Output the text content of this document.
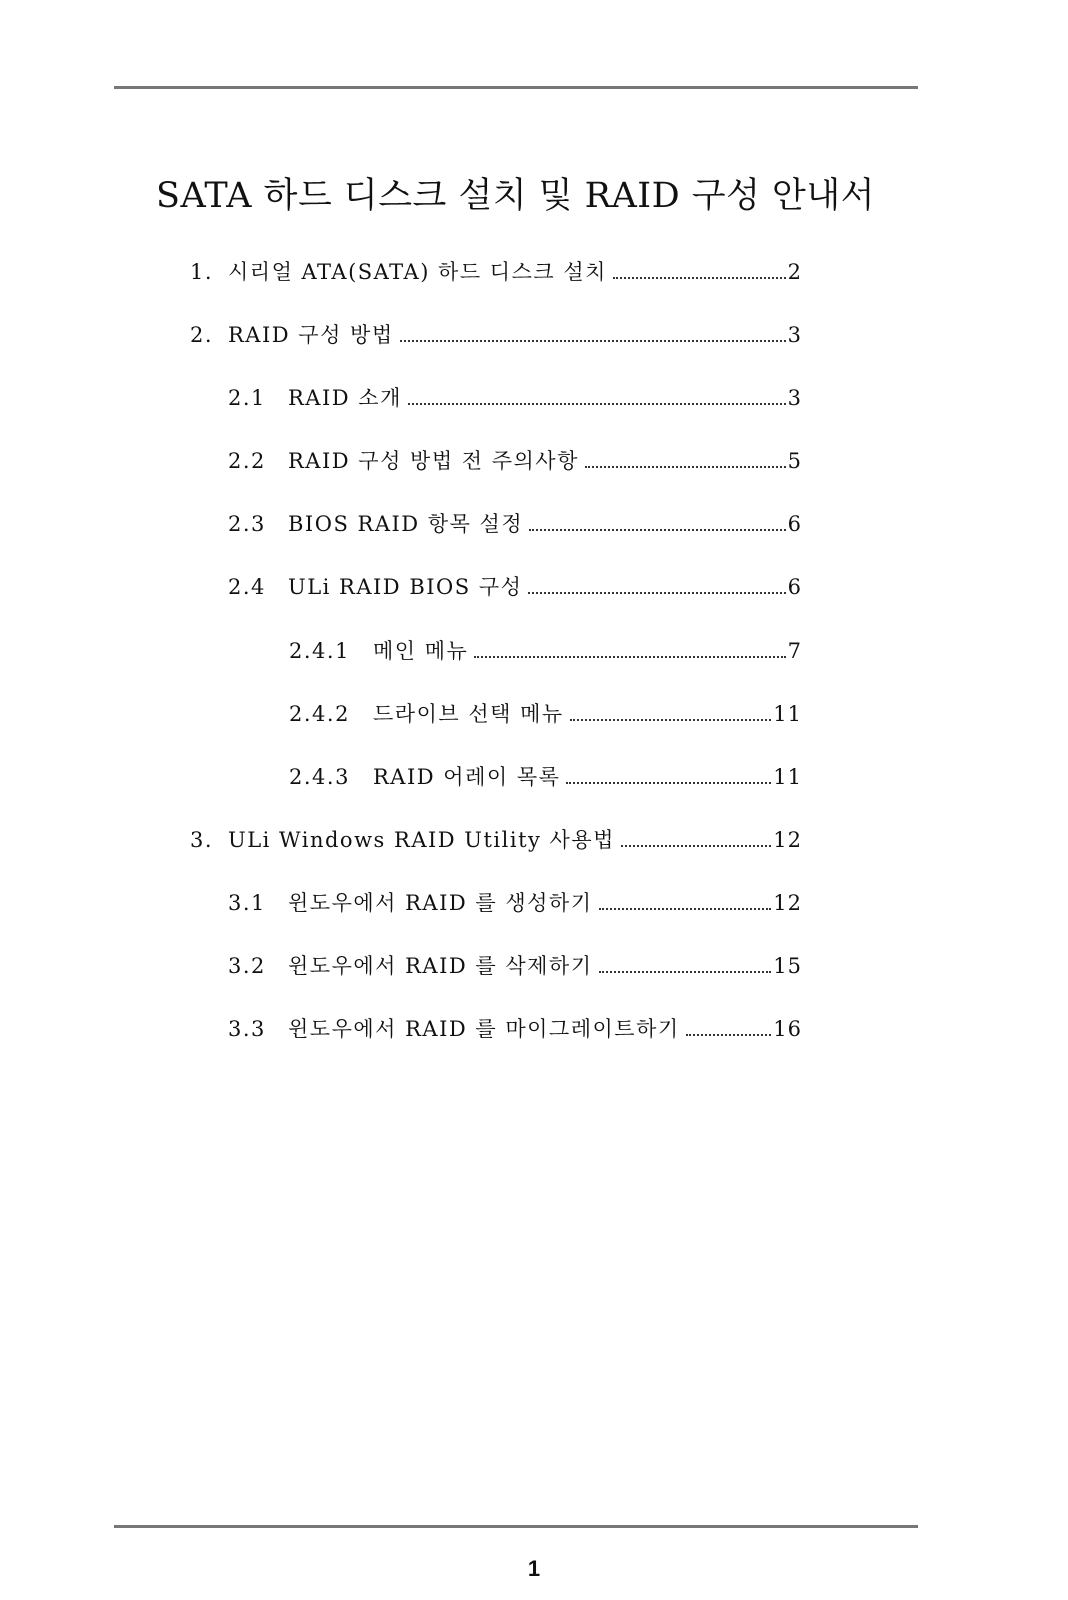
SATA 하드 디스크 설치 및 RAID 구성 안내서
1. 시리얼 ATA(SATA) 하드 디스크 설치	2
2. RAID 구성 방법	3
2.1	RAID 소개	3
2.2	RAID 구성 방법 전 주의사항	5
2.3	BIOS RAID 항목 설정	6
2.4	ULi RAID BIOS 구성	6
2.4.1	메인 메뉴	7
2.4.2	드라이브 선택 메뉴	11
2.4.3	RAID 어레이 목록	11
3. ULi Windows RAID Utility 사용법	12
3.1	윈도우에서 RAID 를 생성하기	12
3.2	윈도우에서 RAID 를 삭제하기	15
3.3	윈도우에서 RAID 를 마이그레이트하기	16
1
